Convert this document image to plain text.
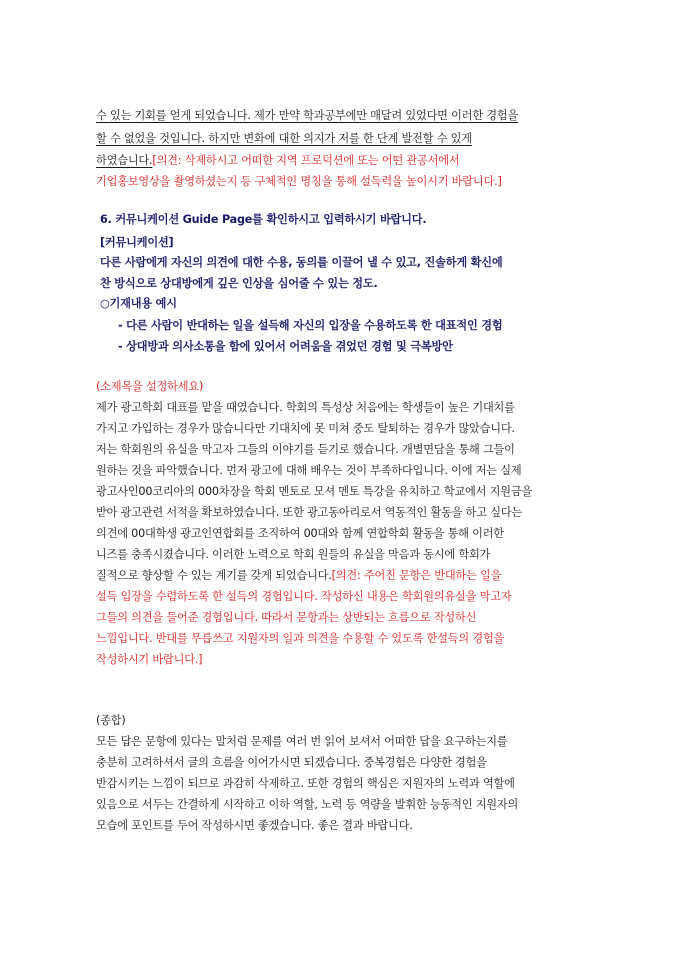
수 있는 기회를 얻게 되었습니다. 제가 만약 학과공부에만 매달려 있었다면 이러한 경험을
할 수 없었을 것입니다. 하지만 변화에 대한 의지가 저를 한 단계 발전할 수 있게
하였습니다.[의견: 삭제하시고 어떠한 지역 프로덕션에 또는 어떤 관공서에서
기업홍보영상을 촬영하셨는지 등 구체적인 명칭을 통해 설득력을 높이시기 바랍니다.]
6. 커뮤니케이션 Guide Page를 확인하시고 입력하시기 바랍니다.
[커뮤니케이션]
다른 사람에게 자신의 의견에 대한 수용, 동의를 이끌어 낼 수 있고, 진솔하게 확신에
찬 방식으로 상대방에게 깊은 인상을 심어줄 수 있는 정도.
○기재내용 예시
- 다른 사람이 반대하는 일을 설득해 자신의 입장을 수용하도록 한 대표적인 경험
- 상대방과 의사소통을 함에 있어서 어려움을 겪었던 경험 및 극복방안
(소제목을 설정하세요)
제가 광고학회 대표를 맡을 때였습니다. 학회의 특성상 처음에는 학생들이 높은 기대치를
가지고 가입하는 경우가 많습니다만 기대치에 못 미쳐 중도 탈퇴하는 경우가 많았습니다.
저는 학회원의 유실을 막고자 그들의 이야기를 듣기로 했습니다. 개별면담을 통해 그들이
원하는 것을 파악했습니다. 먼저 광고에 대해 배우는 것이 부족하다입니다. 이에 저는 실제
광고사인00코리아의 000차장을 학회 멘토로 모셔 멘토 특강을 유치하고 학교에서 지원금을
받아 광고관련 서적을 확보하였습니다. 또한 광고동아리로서 역동적인 활동을 하고 싶다는
의견에 00대학생 광고인연합회를 조직하여 00대와 함께 연합학회 활동을 통해 이러한
니즈를 충족시켰습니다. 이러한 노력으로 학회 원들의 유실을 막음과 동시에 학회가
질적으로 향상할 수 있는 계기를 갖게 되었습니다.[의견: 주어진 문항은 반대하는 일을
설득 입장을 수렴하도록 한 설득의 경험입니다. 작성하신 내용은 학회원의유실을 막고자
그들의 의견을 들어준 경험입니다. 따라서 문항과는 상반되는 흐름으로 작성하신
느낌입니다. 반대를 무릅쓰고 지원자의 일과 의견을 수용할 수 있도록 한설득의 경험을
작성하시기 바랍니다.]
(종합)
모든 답은 문항에 있다는 말처럼 문제를 여러 번 읽어 보셔서 어떠한 답을 요구하는지를
충분히 고려하셔서 글의 흐름을 이어가시면 되겠습니다. 중복경험은 다양한 경험을
반감시키는 느낌이 되므로 과감히 삭제하고. 또한 경험의 핵심은 지원자의 노력과 역할에
있음으로 서두는 간결하게 시작하고 이하 역할, 노력 등 역량을 발휘한 능동적인 지원자의
모습에 포인트를 두어 작성하시면 좋겠습니다. 좋은 결과 바랍니다.
